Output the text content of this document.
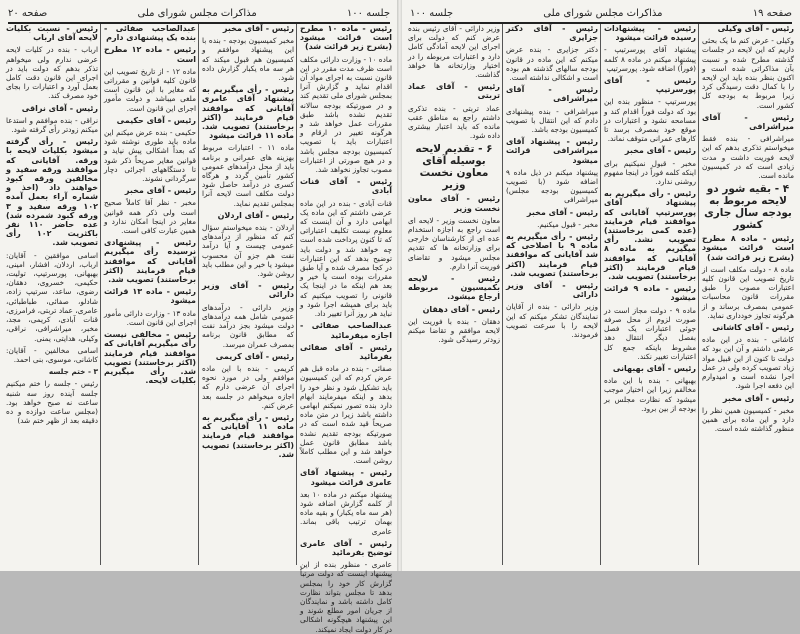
جلسه ۱۰۰
مذاکرات مجلس شورای ملی
صفحه ۲۰

رئیس - ماده ۱۰ مطرح است قرائت میشود (بشرح زیر قرائت شد)

ماده ۱۰ - وزارت دارائی مکلف است ظرف مدت مقرر در این قانون نسبت به اجرای مواد آن اقدام نماید و گزارش آنرا بمجلس شورای ملی تقدیم کند و در صورتیکه بودجه سالانه تقدیم نشده باشد طبق مقررات عمل خواهد شد و هرگونه تغییر در ارقام و اعتبارات باید با تصویب کمیسیون بودجه مجلس باشد و در هیچ صورتی از اعتبارات مصوب تجاوز نخواهد شد.

رئیس - آقای قنات آبادی

قنات آبادی - بنده در این ماده عرضی داشتم که این ماده یک ابهامی دارد و آن اینست که معلوم نیست تکلیف اعتباراتی که تا کنون پرداخت شده است چه خواهد شد و دولت باید توضیح بدهد که این اعتبارات در کجا مصرف شده و آیا طبق مقررات بوده است یا خیر و بعد هم اینکه ما در اینجا یک قانونی را تصویب میکنیم که باید برای همیشه اجرا شود و نباید هر روز آنرا تغییر داد.

عبدالصاحب صفائی - اجازه میفرمائید

رئیس - آقای صفائی بفرمائید

صفائی - بنده در ماده قبل هم عرض کردم که این کمیسیون باید تشکیل شود و نظر خود را بدهد و اینکه میفرمایند ابهام دارد بنده تصور نمیکنم ابهامی داشته باشد زیرا در متن ماده صریحاً قید شده است که در صورتیکه بودجه تقدیم نشده باشد مطابق قانون عمل خواهد شد و این مطلب کاملاً روشن است.

رئیس - پیشنهاد آقای عامری قرائت میشود

پیشنهاد میکنم در ماده ۱۰ بعد از کلمه گزارش اضافه شود (هر سه ماه یکبار) و بقیه ماده بهمان ترتیب باقی بماند. عامری

رئیس - آقای عامری توضیح بفرمائید

عامری - منظور بنده از این پیشنهاد اینست که دولت مرتباً گزارش کار خود را بمجلس بدهد تا مجلس بتواند نظارت کامل داشته باشد و نمایندگان از جریان امور مطلع شوند و این پیشنهاد هیچگونه اشکالی در کار دولت ایجاد نمیکند.

رئیس - آقای مخبر

مخبر کمیسیون بودجه - بنده با این پیشنهاد موافقم و کمیسیون هم قبول میکند که هر سه ماه یکبار گزارش داده شود.

رئیس - رأی میگیریم به پیشنهاد آقای عامری آقایانی که موافقند قیام فرمایند (اکثر برخاستند) تصویب شد. ماده ۱۱ قرائت میشود

ماده ۱۱ - اعتبارات مربوط بهزینه های عمرانی و برنامه باید از محل درآمدهای عمومی کشور تأمین گردد و هرگاه کسری در درآمد حاصل شود دولت مکلف است لایحه آنرا بمجلس تقدیم نماید.

رئیس - آقای اردلان

اردلان - بنده میخواستم سؤال کنم که منظور از درآمدهای عمومی چیست و آیا درآمد نفت هم جزو آن محسوب میشود یا خیر و این مطلب باید روشن شود.

رئیس - آقای وزیر دارائی

وزیر دارائی - درآمدهای عمومی شامل همه درآمدهای دولت میشود بجز درآمد نفت که مطابق قانون برنامه بمصرف عمران میرسد.

رئیس - آقای کریمی

کریمی - بنده با این ماده موافقم ولی در مورد نحوه اجرای آن عرضی دارم که اجازه میخواهم در جلسه بعد عرض کنم.

رئیس - رأی میگیریم به ماده ۱۱ آقایانی که موافقند قیام فرمایند (اکثر برخاستند) تصویب شد.

عبدالصاحب صفائی - بنده یک پیشنهادی دارم

رئیس - ماده ۱۲ مطرح است

ماده ۱۲ - از تاریخ تصویب این قانون کلیه قوانین و مقرراتی که مغایر با این قانون است ملغی میباشد و دولت مأمور اجرای این قانون است.

رئیس - آقای حکیمی

حکیمی - بنده عرض میکنم این ماده باید طوری نوشته شود که بعداً اشکالی پیش نیاید و قوانین مغایر صریحاً ذکر شود تا دستگاههای اجرائی دچار سرگردانی نشوند.

رئیس - آقای مخبر

مخبر - نظر آقا کاملاً صحیح است ولی ذکر همه قوانین مغایر در اینجا امکان ندارد و همین عبارت کافی است.

رئیس - پیشنهادی نرسیده رأی میگیریم آقایانی که موافقند قیام فرمایند (اکثر برخاستند) تصویب شد.

رئیس - ماده ۱۳ قرائت میشود

ماده ۱۳ - وزارت دارائی مأمور اجرای این قانون است.

رئیس - مخالفی نیست رأی میگیریم آقایانی که موافقند قیام فرمایند (اکثر برخاستند) تصویب شد. رأی میگیریم بکلیات لایحه.

رئیس - نسبت بکلیات لایحه آقای ارباب

ارباب - بنده در کلیات لایحه عرضی ندارم ولی میخواهم تذکر بدهم که دولت باید در اجرای این قانون دقت کامل بعمل آورد و اعتبارات را بجای خود مصرف کند.

رئیس - آقای نراقی

نراقی - بنده موافقم و استدعا میکنم زودتر رأی گرفته شود.

رئیس - رأی گرفته میشود بکلیات لایحه با ورقه. آقایانی که موافقند ورقه سفید و مخالفین ورقه کبود خواهند داد (اخذ و شماره آراء بعمل آمده ۱۰۲ ورقه سفید و ۳ ورقه کبود شمرده شد) عده حاضر ۱۱۰ نفر باکثریت ۱۰۲ رأی تصویب شد.

اسامی موافقین - آقایان: ارباب، اردلان، افشار، امینی، بهبهانی، پورسرتیپ، تولیت، حکیمی، خسروی، دهقان، رضوی، ساعد، سرتیپ زاده، شادلو، صفائی، طباطبائی، عامری، عماد تربتی، فرامرزی، قنات آبادی، کریمی، مجد، مخبر، میراشرافی، نراقی، وکیلی، هدایتی، یمنی.

اسامی مخالفین - آقایان: کاشانی، موسوی، بنی احمد.

۳ - ختم جلسه

رئیس - جلسه را ختم میکنیم جلسه آینده روز سه شنبه ساعت نه صبح خواهد بود. (مجلس ساعت دوازده و ده دقیقه بعد از ظهر ختم شد)

صفحه ۱۹
مذاکرات مجلس شورای ملی
جلسه ۱۰۰

رئیس - آقای وکیلی

وکیلی - عرض کنم ما یک بحثی داریم که این لایحه در جلسات گذشته مطرح شده و نسبت بآن مذاکراتی شده است و اکنون بنظر بنده باید این لایحه را با کمال دقت رسیدگی کرد زیرا مربوط به بودجه کل کشور است.

رئیس - آقای میراشرافی

میراشرافی - بنده فقط میخواستم تذکری بدهم که این لایحه فوریت داشت و مدت زیادی است که در کمیسیون مانده است.

۴ - بقیه شور دو لایحه مربوط به بودجه سال جاری کشور

رئیس - ماده ۸ مطرح است قرائت میشود (بشرح زیر قرائت شد)

ماده ۸ - دولت مکلف است از تاریخ تصویب این قانون کلیه اعتبارات مصوب را طبق مقررات قانون محاسبات عمومی بمصرف برساند و از هرگونه تجاوز خودداری نماید.

رئیس - آقای کاشانی

کاشانی - بنده در این ماده عرضی داشتم و آن این بود که دولت تا کنون از این قبیل مواد زیاد تصویب کرده ولی در عمل اجرا نشده است و امیدوارم این دفعه اجرا شود.

رئیس - آقای مخبر

مخبر - کمیسیون همین نظر را دارد و این ماده برای همین منظور گذاشته شده است.

رئیس - پیشنهادات رسیده قرائت میشود

پیشنهاد آقای پورسرتیپ - پیشنهاد میکنم در ماده ۸ کلمه (فوراً) اضافه شود. پورسرتیپ

رئیس - آقای پورسرتیپ

پورسرتیپ - منظور بنده این بود که دولت فوراً اقدام کند و مسامحه نشود و اعتبارات در موقع خود بمصرف برسد تا کارهای عمرانی متوقف نماند.

رئیس - آقای مخبر

مخبر - قبول نمیکنیم برای اینکه کلمه فوراً در اینجا مفهوم روشنی ندارد.

رئیس - رأی میگیریم به پیشنهاد آقای پورسرتیپ آقایانی که موافقند قیام فرمایند (عده کمی برخاستند) تصویب نشد. رأی میگیریم به ماده ۸ آقایانی که موافقند قیام فرمایند (اکثر برخاستند) تصویب شد.

رئیس - ماده ۹ قرائت میشود

ماده ۹ - دولت مجاز است در صورت لزوم از محل صرفه جوئی اعتبارات یک فصل بفصل دیگر انتقال دهد مشروط باینکه جمع کل اعتبارات تغییر نکند.

رئیس - آقای بهبهانی

بهبهانی - بنده با این ماده مخالفم زیرا این اختیار موجب میشود که نظارت مجلس بر بودجه از بین برود.

رئیس - آقای دکتر جزایری

دکتر جزایری - بنده عرض میکنم که این ماده در قانون بودجه سالهای گذشته هم بوده است و اشکالی نداشته است.

رئیس - آقای میراشرافی

میراشرافی - بنده پیشنهادی دادم که این انتقال با تصویب کمیسیون بودجه باشد.

رئیس - پیشنهاد آقای میراشرافی قرائت میشود

پیشنهاد میکنم در ذیل ماده ۹ اضافه شود (با تصویب کمیسیون بودجه مجلس) میراشرافی

رئیس - آقای مخبر

مخبر - قبول میکنیم.

رئیس - رأی میگیریم به ماده ۹ با اصلاحی که شد آقایانی که موافقند قیام فرمایند (اکثر برخاستند) تصویب شد.

رئیس - آقای وزیر دارائی

وزیر دارائی - بنده از آقایان نمایندگان تشکر میکنم که این لایحه را با سرعت تصویب فرمودند.

وزیر دارائی - آقای رئیس بنده عرض کنم که دولت برای اجرای این لایحه آمادگی کامل دارد و اعتبارات مربوطه را در اختیار وزارتخانه ها خواهد گذاشت.

رئیس - آقای عماد تربتی

عماد تربتی - بنده تذکری داشتم راجع به مناطق عقب مانده که باید اعتبار بیشتری داده شود.

۶ - تقدیم لایحه بوسیله آقای معاون نخست وزیر

رئیس - آقای معاون نخست وزیر

معاون نخست وزیر - لایحه ای است راجع به اجازه استخدام عده ای از کارشناسان خارجی برای وزارتخانه ها که تقدیم مجلس میشود و تقاضای فوریت آنرا دارم.

رئیس - لایحه بکمیسیون مربوطه ارجاع میشود.

رئیس - آقای دهقان

دهقان - بنده با فوریت این لایحه موافقم و تقاضا میکنم زودتر رسیدگی شود.
